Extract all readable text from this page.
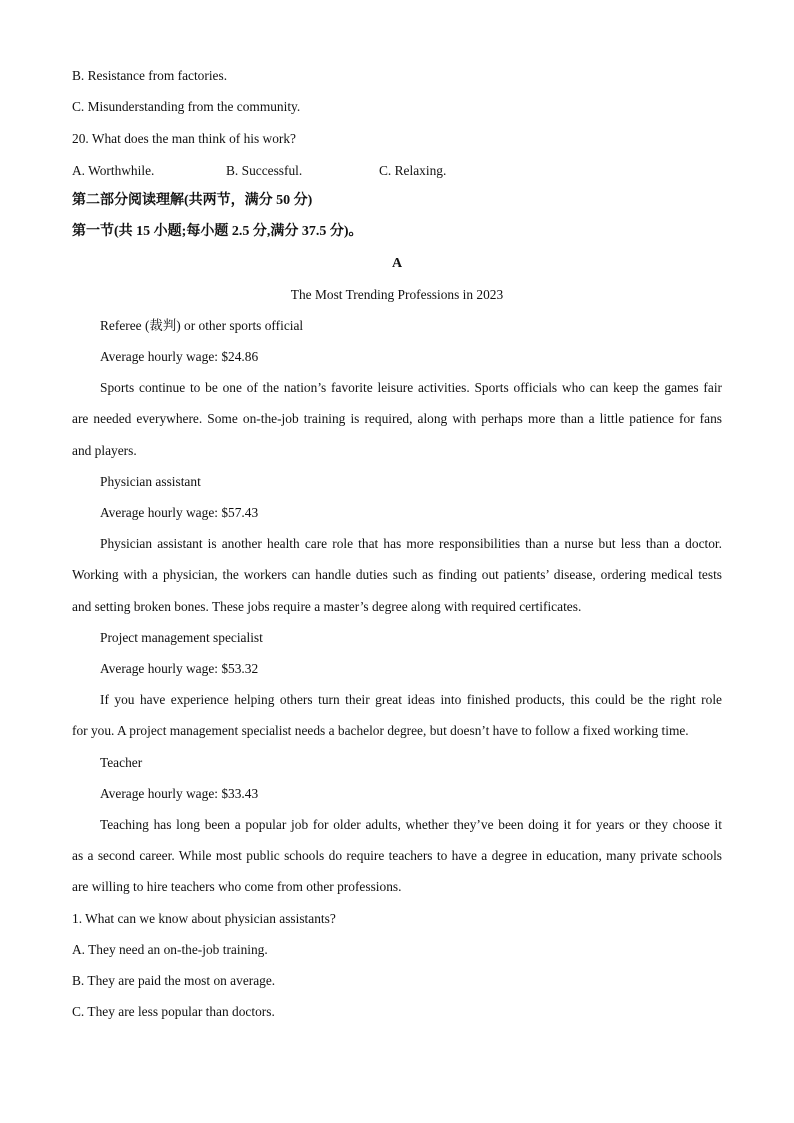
B. Resistance from factories.
C. Misunderstanding from the community.
20. What does the man think of his work?
A. Worthwhile.	B. Successful.	C. Relaxing.
第二部分阅读理解(共两节，满分 50 分)
第一节(共 15 小题;每小题 2.5 分,满分 37.5 分)。
A
The Most Trending Professions in 2023
Referee (裁判) or other sports official
Average hourly wage: $24.86
Sports continue to be one of the nation’s favorite leisure activities. Sports officials who can keep the games fair
are needed everywhere. Some on-the-job training is required, along with perhaps more than a little patience for fans
and players.
Physician assistant
Average hourly wage: $57.43
Physician assistant is another health care role that has more responsibilities than a nurse but less than a doctor.
Working with a physician, the workers can handle duties such as finding out patients’ disease, ordering medical tests
and setting broken bones. These jobs require a master’s degree along with required certificates.
Project management specialist
Average hourly wage: $53.32
If you have experience helping others turn their great ideas into finished products, this could be the right role
for you. A project management specialist needs a bachelor degree, but doesn’t have to follow a fixed working time.
Teacher
Average hourly wage: $33.43
Teaching has long been a popular job for older adults, whether they’ve been doing it for years or they choose it
as a second career. While most public schools do require teachers to have a degree in education, many private schools
are willing to hire teachers who come from other professions.
1. What can we know about physician assistants?
A. They need an on-the-job training.
B. They are paid the most on average.
C. They are less popular than doctors.
